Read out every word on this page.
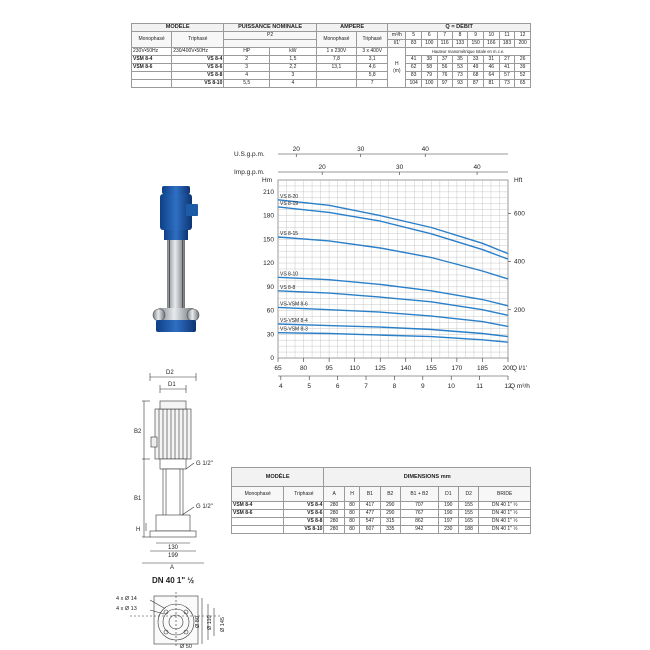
MODÈLE		PUISSANCE NOMINALE		AMPERE		Q = DÉBIT								
Monophasé	Triphasé	P2		Monophasé	Triphasé	m³/h	5	6	7	8	9	10	11	12
						l/1'	83	100	116	133	150	166	183	200
230V•50Hz	230/400V•50Hz	HP	kW	1 x 230V	3 x 400V	H
(m)	Hauteur manométrique totale en m.c.e.							
VSM 8-4	VS 8-4	2	1,5	7,8	3,1		41	38	37	35	33	31	27	26
VSM 8-6	VS 8-6	3	2,2	13,1	4,6		62	58	56	53	49	46	41	39
	VS 8-8	4	3		5,8		83	79	76	73	68	64	57	52
	VS 8-10	5,5	4		7		104	100	97	93	87	81	73	65
65	80	95	110 125 140 155 170 185 200
Q l/1'
4	5	6	7	8	9	10	11	12
Q m³/h
U.S.g.p.m.
Imp.g.p.m.
20	30	40
20	30	40
Hm
0
30
60
90
120
150
180
210
Hft
200
400
600
VS 8-20
VS 8-19
VS 8-15
VS 8-10
VS 8-8
VS-VSM 8-6
VS-VSM 8-4
VS-VSM 8-3
D2
D1
B2
B1
H
G 1/2"
G 1/2"
130
199
A
MODÈLE		DIMENSIONS mm							
Monophasé	Triphasé	A	H	B1	B2	B1 + B2	D1	D2	BRIDE
VSM 8-4	VS 8-4	280	80	417	290	707	190	155	DN 40 1" ½
VSM 8-6	VS 8-6	280	80	477	290	767	190	155	DN 40 1" ½
	VS 8-8	280	80	547	315	862	197	165	DN 40 1" ½
	VS 8-10	280	80	607	335	942	230	188	DN 40 1" ½
DN 40 1" ½
4 x Ø 14
4 x Ø 13
Ø 80 Ø 110 Ø 145
Ø 50
